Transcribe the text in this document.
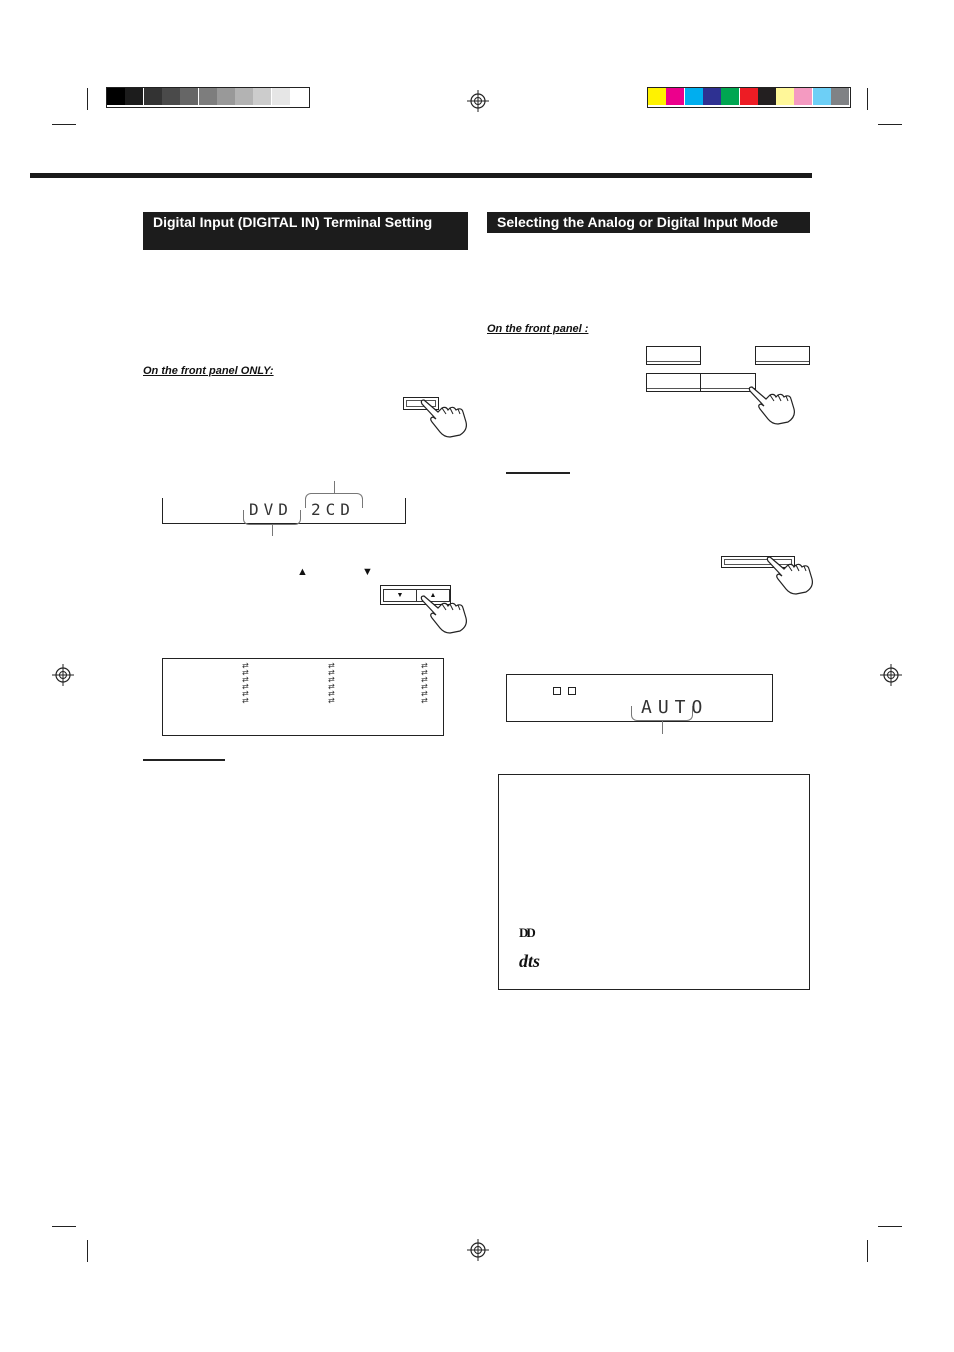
Digital Input (DIGITAL IN) Terminal Setting
On the front panel ONLY:
DVD 2CD
▲	▼
▼	▲
⇄
⇄
⇄
⇄
⇄
⇄
⇄
⇄
⇄
⇄
⇄
⇄
⇄
⇄
⇄
⇄
⇄
⇄
Selecting the Analog or Digital Input Mode
On the front panel :
AUTO
DD
dts
